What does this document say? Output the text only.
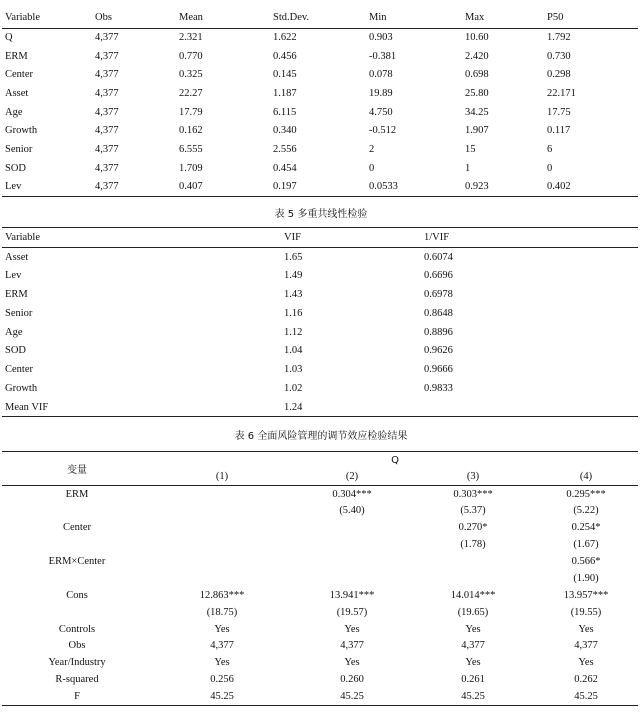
Variable	Obs	Mean	Std.Dev.	Min	Max	P50
Q	4,377	2.321	1.622	0.903	10.60	1.792
ERM	4,377	0.770	0.456	-0.381	2.420	0.730
Center	4,377	0.325	0.145	0.078	0.698	0.298
Asset	4,377	22.27	1.187	19.89	25.80	22.171
Age	4,377	17.79	6.115	4.750	34.25	17.75
Growth	4,377	0.162	0.340	-0.512	1.907	0.117
Senior	4,377	6.555	2.556	2	15	6
SOD	4,377	1.709	0.454	0	1	0
Lev	4,377	0.407	0.197	0.0533	0.923	0.402
表 5 多重共线性检验
Variable	VIF	1/VIF
Asset	1.65	0.6074
Lev	1.49	0.6696
ERM	1.43	0.6978
Senior	1.16	0.8648
Age	1.12	0.8896
SOD	1.04	0.9626
Center	1.03	0.9666
Growth	1.02	0.9833
Mean VIF	1.24	
表 6 全面风险管理的调节效应检验结果
变量	Q			
	(1)	(2)	(3)	(4)
ERM		0.304***	0.303***	0.295***
		(5.40)	(5.37)	(5.22)
Center			0.270*	0.254*
			(1.78)	(1.67)
ERM×Center				0.566*
				(1.90)
Cons	12.863***	13.941***	14.014***	13.957***
	(18.75)	(19.57)	(19.65)	(19.55)
Controls	Yes	Yes	Yes	Yes
Obs	4,377	4,377	4,377	4,377
Year/Industry	Yes	Yes	Yes	Yes
R-squared	0.256	0.260	0.261	0.262
F	45.25	45.25	45.25	45.25
